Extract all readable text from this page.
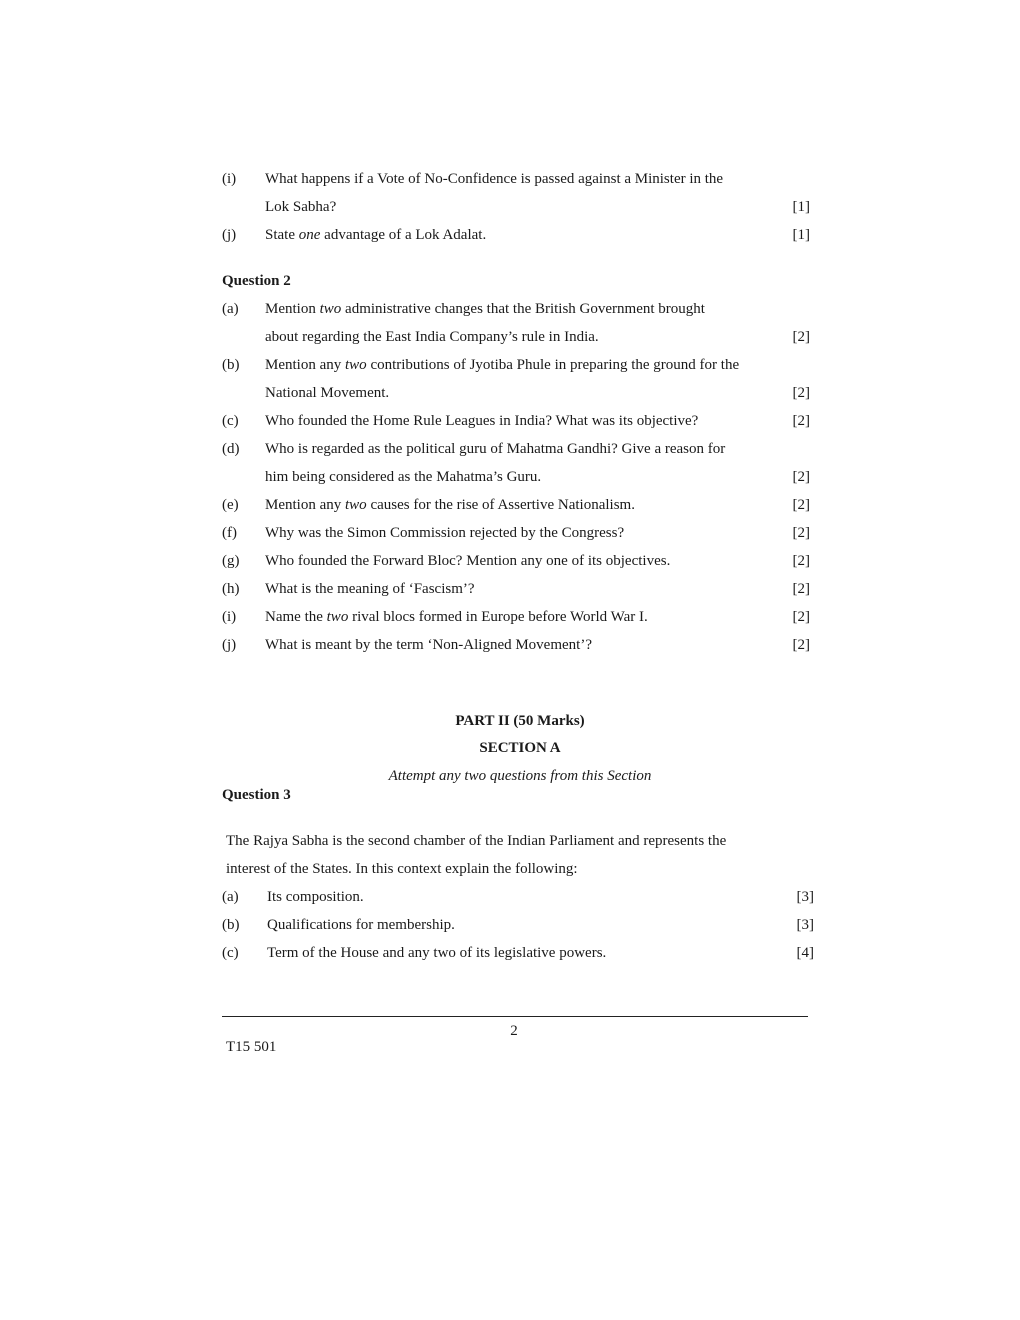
(i) What happens if a Vote of No-Confidence is passed against a Minister in the
Lok Sabha?	[1]
(j) State one advantage of a Lok Adalat.	[1]
Question 2
(a) Mention two administrative changes that the British Government brought
about regarding the East India Company’s rule in India.	[2]
(b) Mention any two contributions of Jyotiba Phule in preparing the ground for the
National Movement.	[2]
(c) Who founded the Home Rule Leagues in India? What was its objective?	[2]
(d) Who is regarded as the political guru of Mahatma Gandhi? Give a reason for
him being considered as the Mahatma’s Guru.	[2]
(e) Mention any two causes for the rise of Assertive Nationalism.	[2]
(f) Why was the Simon Commission rejected by the Congress?	[2]
(g) Who founded the Forward Bloc? Mention any one of its objectives.	[2]
(h) What is the meaning of ‘Fascism’?	[2]
(i) Name the two rival blocs formed in Europe before World War I.	[2]
(j) What is meant by the term ‘Non-Aligned Movement’?	[2]
PART II (50 Marks)
SECTION A
Attempt any two questions from this Section
Question 3
The Rajya Sabha is the second chamber of the Indian Parliament and represents the
interest of the States. In this context explain the following:
(a) Its composition.	[3]
(b) Qualifications for membership.	[3]
(c) Term of the House and any two of its legislative powers.	[4]
2
T15 501
